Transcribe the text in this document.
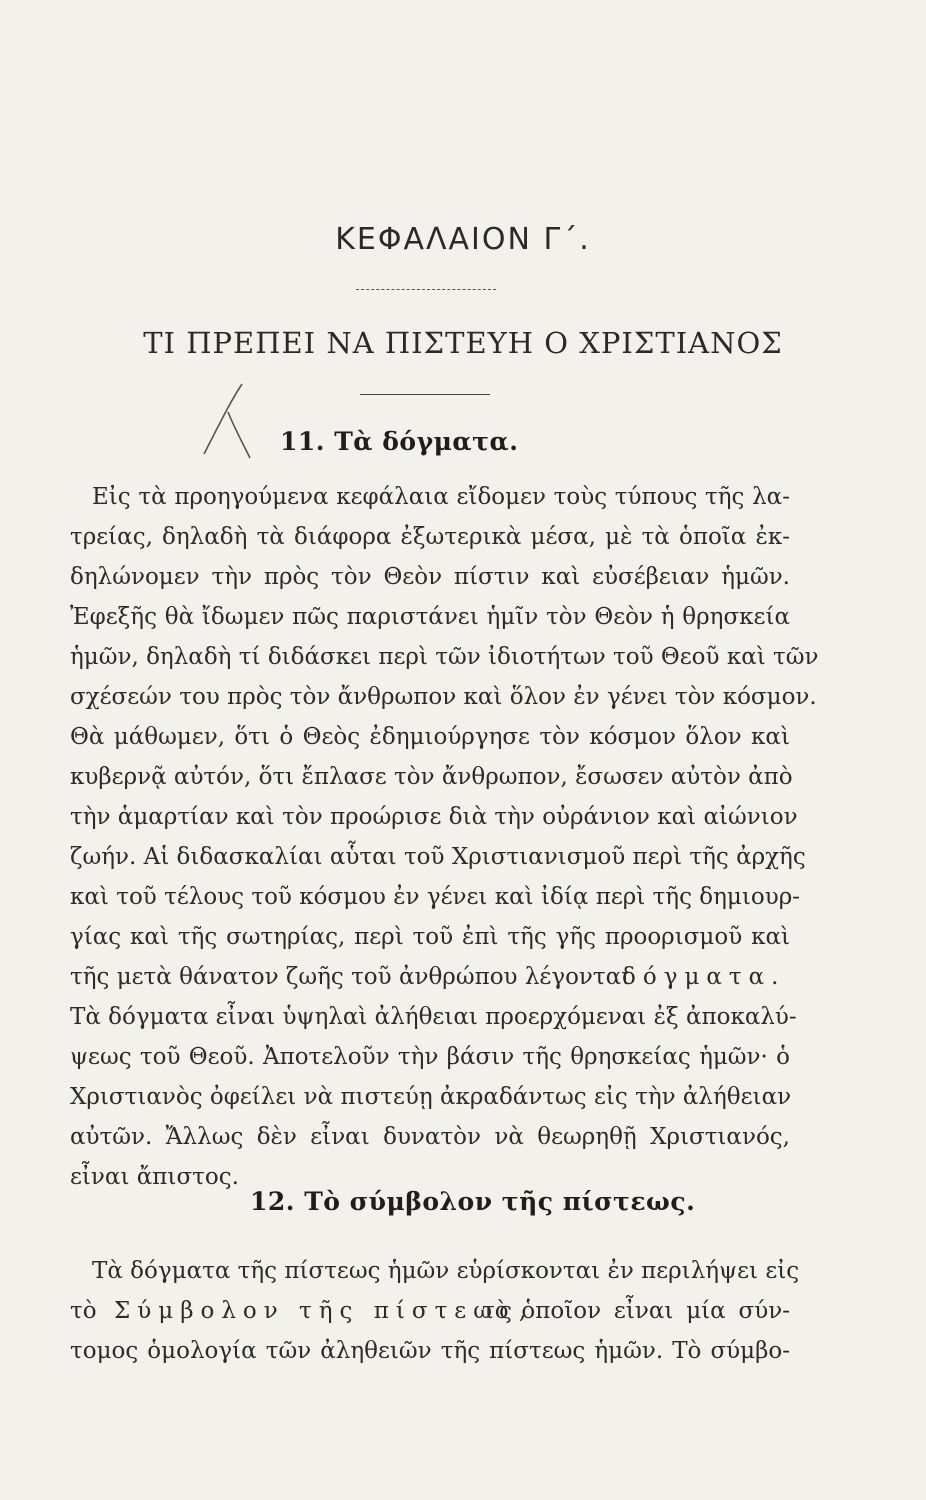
ΚΕΦΑΛΑΙΟΝ Γ΄.
ΤΙ ΠΡΕΠΕΙ ΝΑ ΠΙΣΤΕΥΗ Ο ΧΡΙΣΤΙΑΝΟΣ
11. Τὰ δόγματα.
Εἰς τὰ προηγούμενα κεφάλαια εἴδομεν τοὺς τύπους τῆς λα-
τρείας, δηλαδὴ τὰ διάφορα ἐξωτερικὰ μέσα, μὲ τὰ ὁποῖα ἐκ-
δηλώνομεν τὴν πρὸς τὸν Θεὸν πίστιν καὶ εὐσέβειαν ἡμῶν.
Ἐφεξῆς θὰ ἴδωμεν πῶς παριστάνει ἡμῖν τὸν Θεὸν ἡ θρησκεία
ἡμῶν, δηλαδὴ τί διδάσκει περὶ τῶν ἰδιοτήτων τοῦ Θεοῦ καὶ τῶν
σχέσεών του πρὸς τὸν ἄνθρωπον καὶ ὅλον ἐν γένει τὸν κόσμον.
Θὰ μάθωμεν, ὅτι ὁ Θεὸς ἐδημιούργησε τὸν κόσμον ὅλον καὶ
κυβερνᾷ αὐτόν, ὅτι ἔπλασε τὸν ἄνθρωπον, ἔσωσεν αὐτὸν ἀπὸ
τὴν ἁμαρτίαν καὶ τὸν προώρισε διὰ τὴν οὐράνιον καὶ αἰώνιον
ζωήν. Αἱ διδασκαλίαι αὗται τοῦ Χριστιανισμοῦ περὶ τῆς ἀρχῆς
καὶ τοῦ τέλους τοῦ κόσμου ἐν γένει καὶ ἰδίᾳ περὶ τῆς δημιουρ-
γίας καὶ τῆς σωτηρίας, περὶ τοῦ ἐπὶ τῆς γῆς προορισμοῦ καὶ
τῆς μετὰ θάνατον ζωῆς τοῦ ἀνθρώπου λέγονται
δόγματα.
Τὰ δόγματα εἶναι ὑψηλαὶ ἀλήθειαι προερχόμεναι ἐξ ἀποκαλύ-
ψεως τοῦ Θεοῦ. Ἀποτελοῦν τὴν βάσιν τῆς θρησκείας ἡμῶν· ὁ
Χριστιανὸς ὀφείλει νὰ πιστεύῃ ἀκραδάντως εἰς τὴν ἀλήθειαν
αὐτῶν. Ἄλλως δὲν εἶναι δυνατὸν νὰ θεωρηθῇ Χριστιανός,
εἶναι ἄπιστος.
12. Τὸ σύμβολον τῆς πίστεως.
Τὰ δόγματα τῆς πίστεως ἡμῶν εὑρίσκονται ἐν περιλήψει εἰς
τὸ Σύμβολον τῆς πίστεως,
τὸ ὁποῖον εἶναι μία σύν-
τομος ὁμολογία τῶν ἀληθειῶν τῆς πίστεως ἡμῶν. Τὸ σύμβο-
